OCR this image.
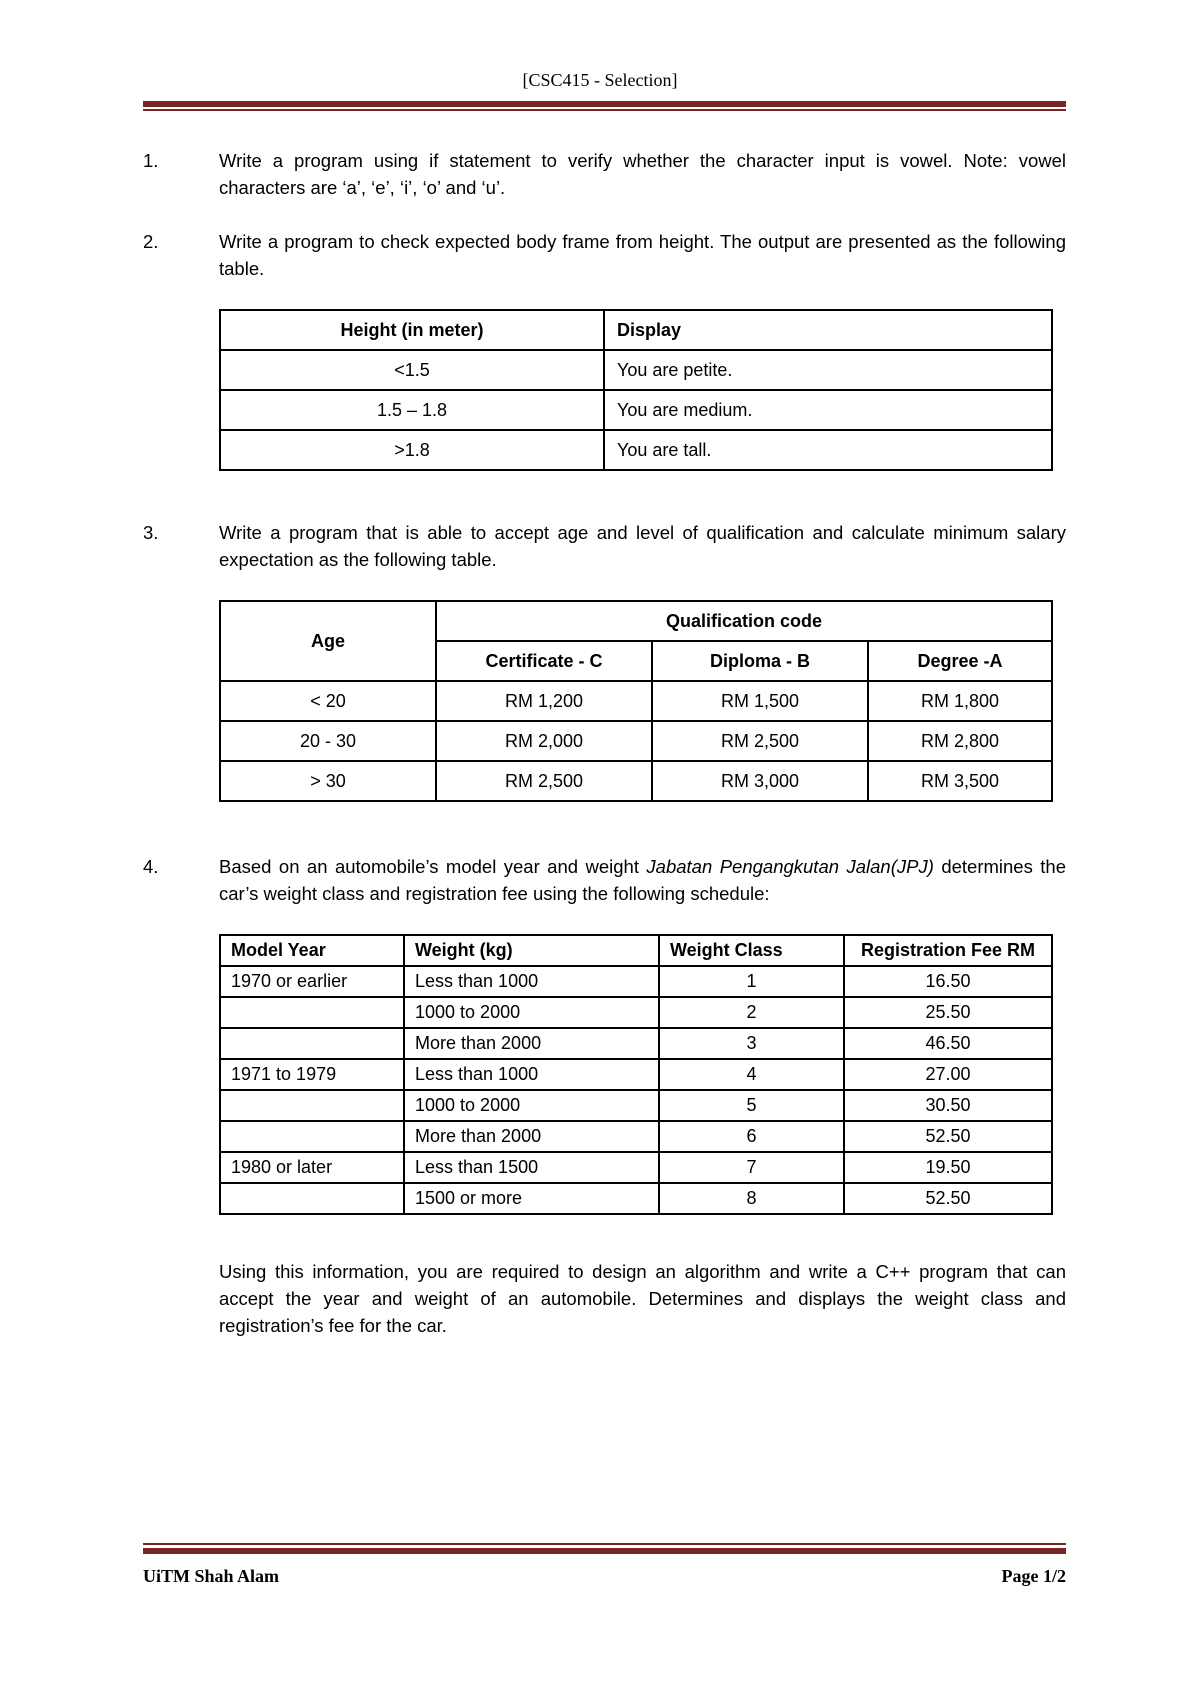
[CSC415 - Selection]
1.	Write a program using if statement to verify whether the character input is vowel. Note: vowel characters are ‘a’, ‘e’, ‘i’, ‘o’ and ‘u’.

2.	Write a program to check expected body frame from height. The output are presented as the following table.

Height (in meter)	Display
<1.5	You are petite.
1.5 – 1.8	You are medium.
>1.8	You are tall.
3.	Write a program that is able to accept age and level of qualification and calculate minimum salary expectation as the following table.

Age	Qualification code		
	Certificate - C	Diploma - B	Degree -A
< 20	RM 1,200	RM 1,500	RM 1,800
20 - 30	RM 2,000	RM 2,500	RM 2,800
> 30	RM 2,500	RM 3,000	RM 3,500
4.	Based on an automobile’s model year and weight Jabatan Pengangkutan Jalan(JPJ) determines the car’s weight class and registration fee using the following schedule:

Model Year	Weight (kg)	Weight Class	Registration Fee RM
1970 or earlier	Less than 1000	1	16.50
	1000 to 2000	2	25.50
	More than 2000	3	46.50
1971 to 1979	Less than 1000	4	27.00
	1000 to 2000	5	30.50
	More than 2000	6	52.50
1980 or later	Less than 1500	7	19.50
	1500 or more	8	52.50

Using this information, you are required to design an algorithm and write a C++ program that can accept the year and weight of an automobile. Determines and displays the weight class and registration’s fee for the car.

UiTM Shah Alam	Page 1/2
